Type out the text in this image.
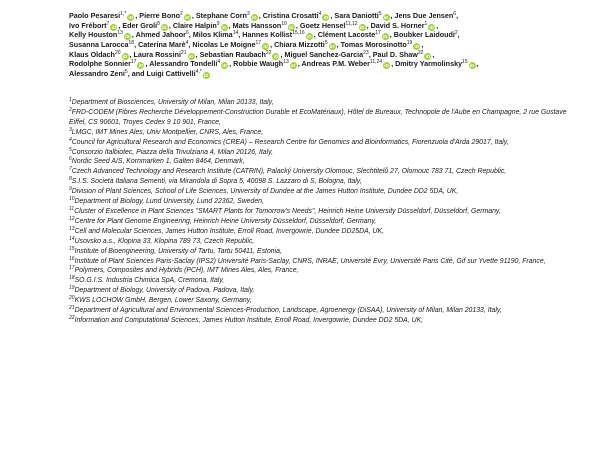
Paolo Pesaresi$^{1,*}$iD , Pierre Bono$^2$iD , Stephane Corn$^3$iD , Cristina Crosatti$^4$iD , Sara Daniotti$^5$iD , Jens Due Jensen$^6$,
Ivo Frébort$^7$iD , Eder Groli$^8$iD , Claire Halpin$^9$iD , Mats Hansson$^{10}$iD , Goetz Hensel$^{11,12}$iD , David S. Horner$^1$iD ,
Kelly Houston$^{13}$iD , Ahmed Jahoor$^6$, Milos Klima$^{14}$, Hannes Kollist$^{15,16}$iD , Clément Lacoste$^{17}$iD , Boubker Laidoudi$^2$,
Susanna Larocca$^{18}$, Caterina Marè$^4$, Nicolas Le Moigne$^{17}$iD , Chiara Mizzotti$^5$iD , Tomas Morosinotto$^{19}$iD ,
Klaus Oldach$^{20}$iD , Laura Rossini$^{21}$iD , Sebastian Raubach$^{22}$iD , Miguel Sanchez-Garcia$^{23}$, Paul D. Shaw$^{22}$iD ,
Rodolphe Sonnier$^{17}$iD , Alessandro Tondelli$^4$iD , Robbie Waugh$^{13}$iD , Andreas P.M. Weber$^{11,24}$iD , Dmitry Yarmolinsky$^{15}$iD ,
Alessandro Zeni$^5$, and Luigi Cattivelli$^{4,*}$iD

$^1$Department of Biosciences, University of Milan, Milan 20133, Italy,

$^2$FRD-CODEM (Fibres Recherche Développement-Construction Durable et EcoMatériaux), Hôtel de Bureaux, Technopole de l'Aube en Champagne, 2 rue Gustave Eiffel, CS 90601, Troyes Cedex 9 10 901, France,

$^3$LMGC, IMT Mines Ales, Univ Montpellier, CNRS, Ales, France,

$^4$Council for Agricultural Research and Economics (CREA) – Research Centre for Genomics and Bioinformatics, Fiorenzuola d'Arda 29017, Italy,

$^5$Consorzio Italbiotec, Piazza della Trivulziana 4, Milan 20126, Italy,

$^6$Nordic Seed A/S, Kornmarken 1, Galten 8464, Denmark,

$^7$Czech Advanced Technology and Research Institute (CATRIN), Palacký University Olomouc, Slechtitelů 27, Olomouc 783 71, Czech Republic,

$^8$S.I.S. Società Italiana Sementi, via Mirandola di Sopra 5, 40098 S. Lazzaro di S, Bologna, Italy,

$^9$Division of Plant Sciences, School of Life Sciences, University of Dundee at the James Hutton Institute, Dundee DD2 5DA, UK,

$^{10}$Department of Biology, Lund University, Lund 22362, Sweden,

$^{11}$Cluster of Excellence in Plant Sciences "SMART Plants for Tomorrow's Needs", Heinrich Heine University Düsseldorf, Düsseldorf, Germany,

$^{12}$Centre for Plant Genome Engineering, Heinrich Heine University Düsseldorf, Düsseldorf, Germany,

$^{13}$Cell and Molecular Sciences, James Hutton Institute, Erroll Road, Invergowrie, Dundee DD25DA, UK,

$^{14}$Usovsko a.s., Klopina 33, Klopina 789 73, Czech Republic,

$^{15}$Institute of Bioengineering, University of Tartu, Tartu 50411, Estonia,

$^{16}$Institute of Plant Sciences Paris-Saclay (IPS2) Université Paris-Saclay, CNRS, INRAE, Université Evry, Université Paris Cité, Gif sur Yvette 91190, France,

$^{17}$Polymers, Composites and Hybrids (PCH), IMT Mines Ales, Ales, France,

$^{18}$SO.G.I.S. Industria Chimica SpA, Cremona, Italy,

$^{19}$Department of Biology, University of Padova, Padova, Italy,

$^{20}$KWS LOCHOW GmbH, Bergen, Lower Saxony, Germany,

$^{21}$Department of Agricultural and Environmental Sciences-Production, Landscape, Agroenergy (DiSAA), University of Milan, Milan 20133, Italy,

$^{22}$Information and Computational Sciences, James Hutton Institute, Erroll Road, Invergowrie, Dundee DD2 5DA, UK,
